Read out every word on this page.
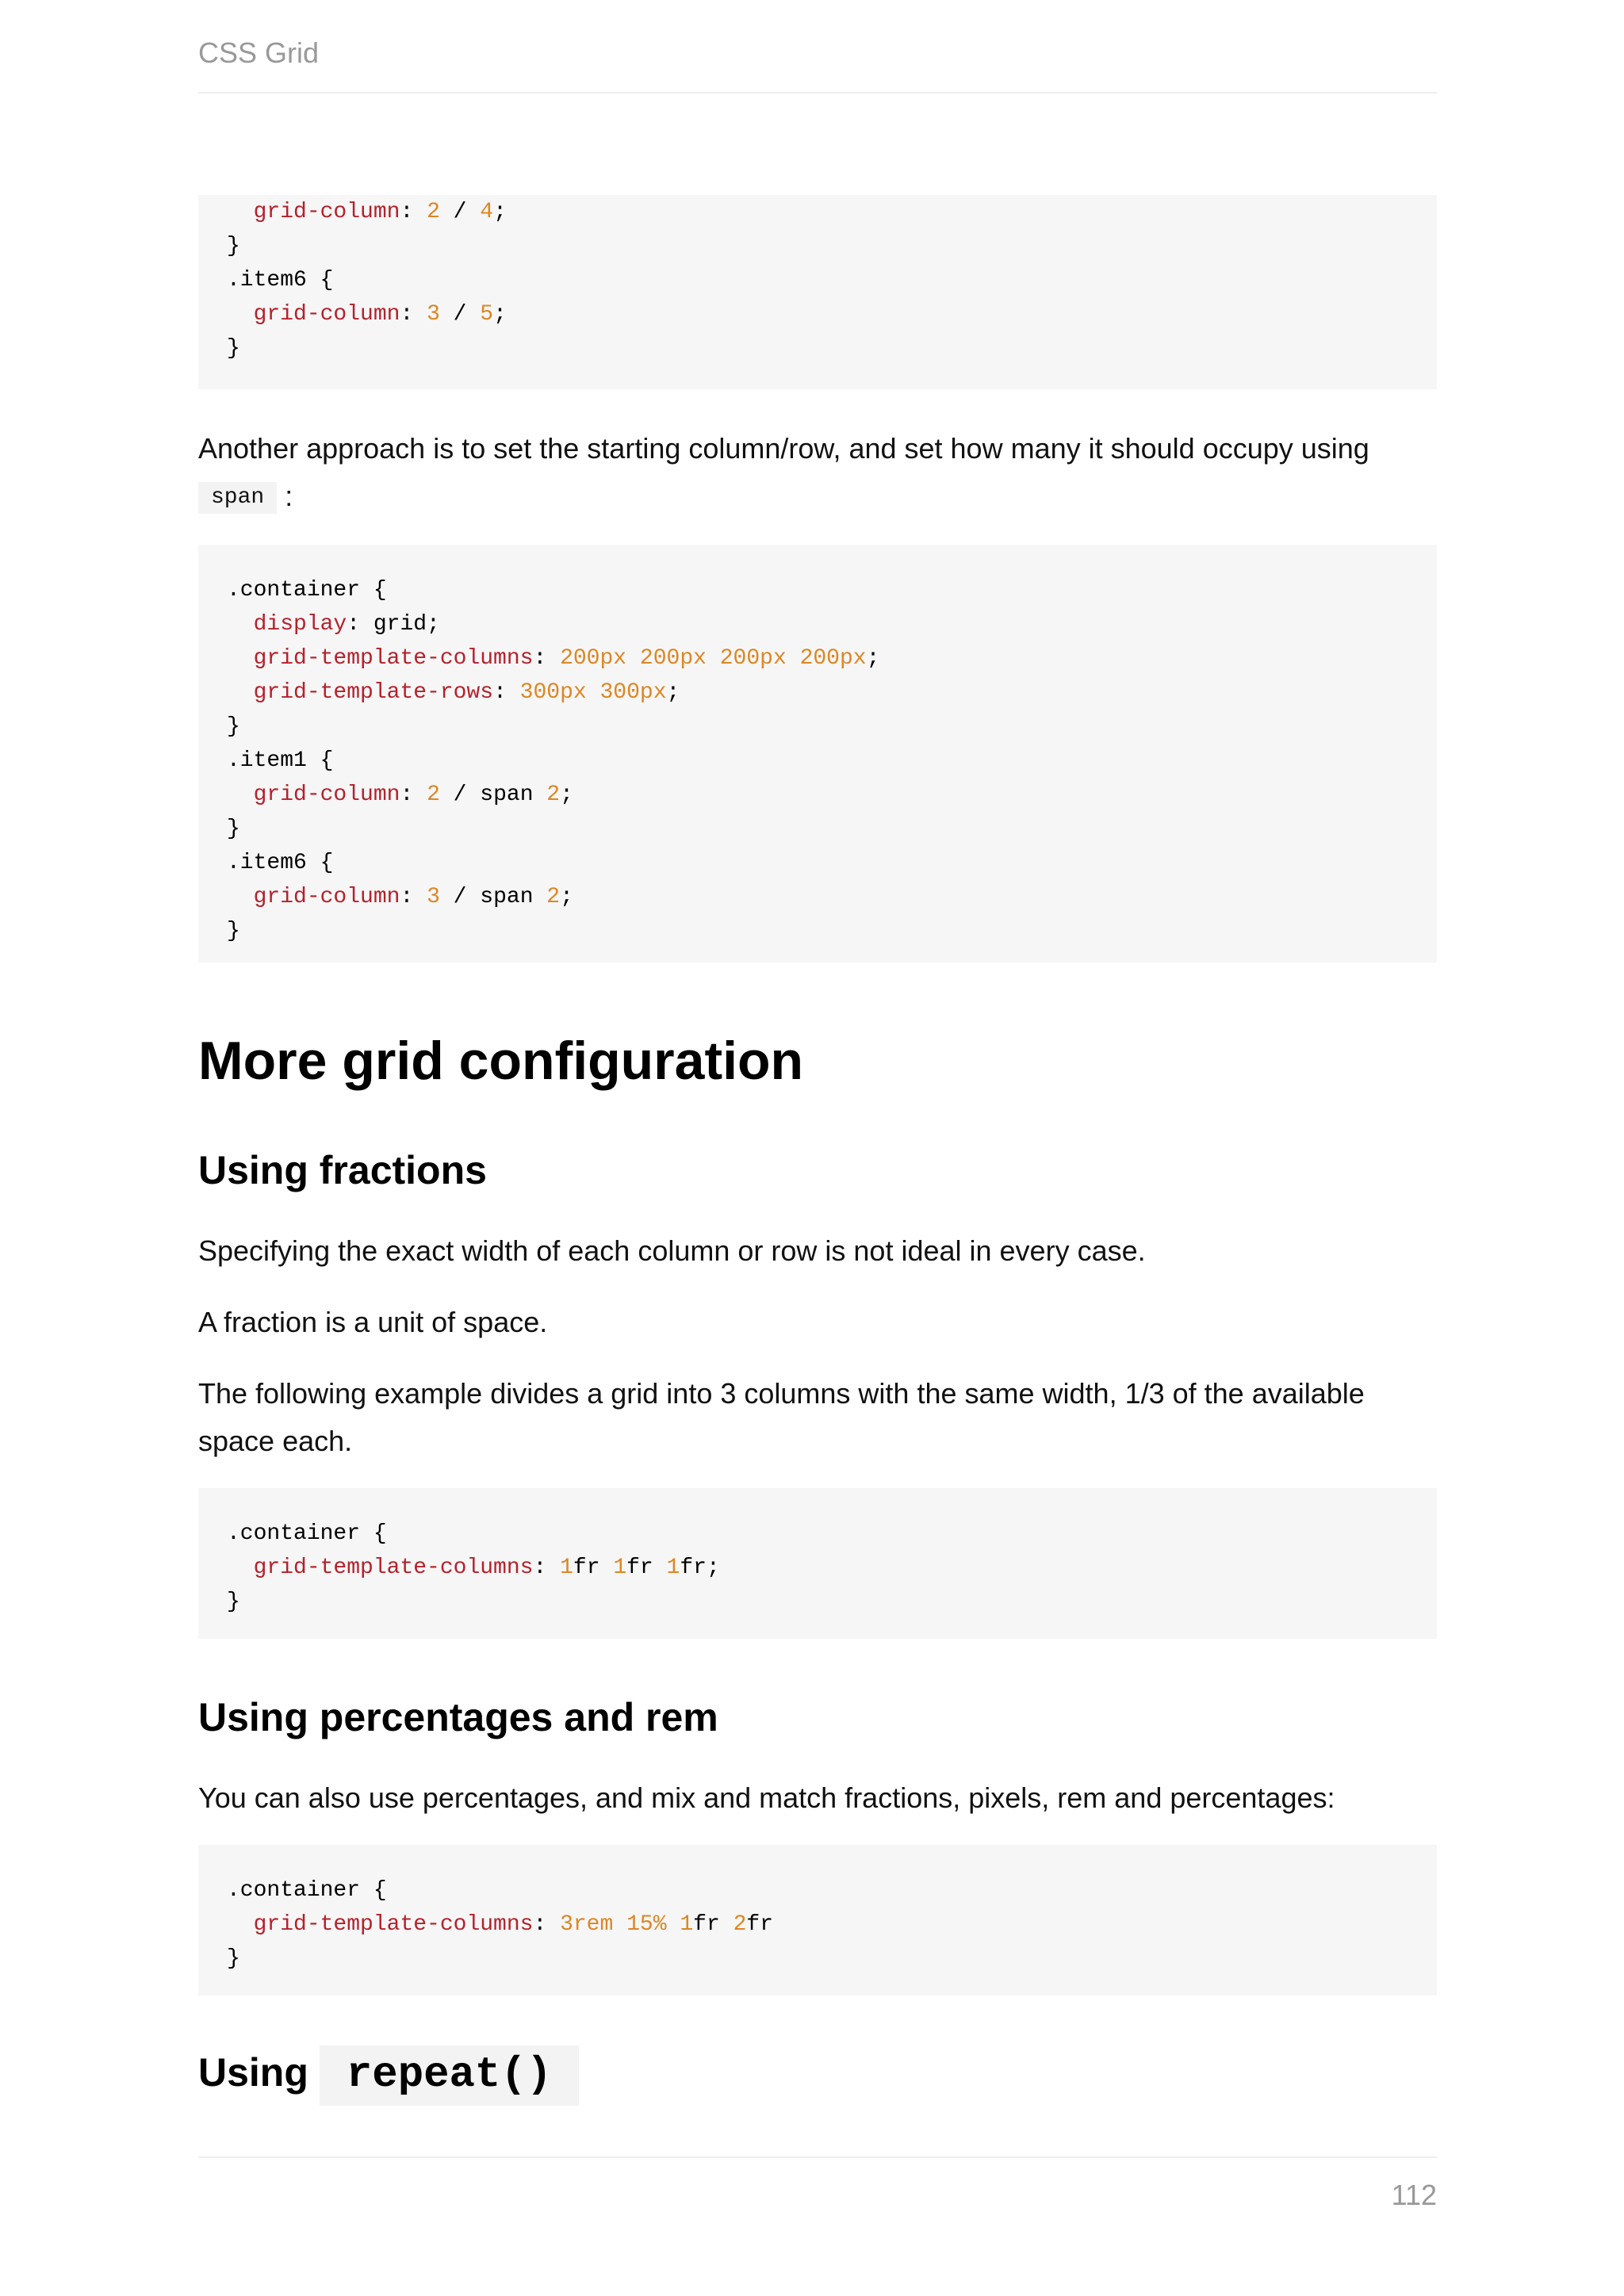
CSS Grid
grid-column: 2 / 4;
}
.item6 {
grid-column: 3 / 5;
}
Another approach is to set the starting column/row, and set how many it should occupy using
span :
.container {
display: grid;
grid-template-columns: 200px 200px 200px 200px;
grid-template-rows: 300px 300px;
}
.item1 {
grid-column: 2 / span 2;
}
.item6 {
grid-column: 3 / span 2;
}
More grid configuration
Using fractions
Specifying the exact width of each column or row is not ideal in every case.
A fraction is a unit of space.
The following example divides a grid into 3 columns with the same width, 1/3 of the available
space each.
.container {
grid-template-columns: 1fr 1fr 1fr;
}
Using percentages and rem
You can also use percentages, and mix and match fractions, pixels, rem and percentages:
.container {
grid-template-columns: 3rem 15% 1fr 2fr
}
Using repeat()
112
